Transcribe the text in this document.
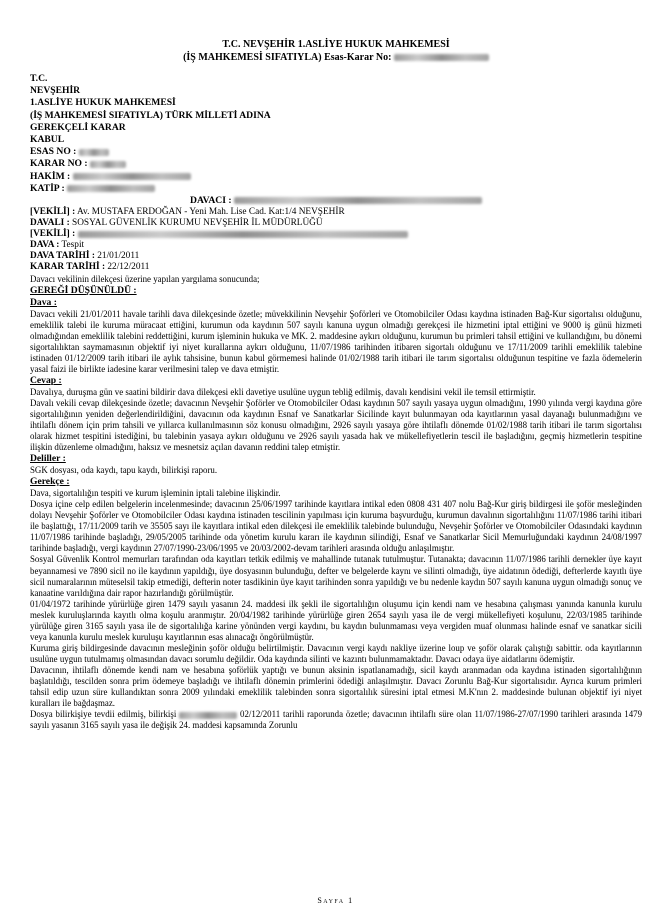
T.C. NEVŞEHİR 1.ASLİYE HUKUK MAHKEMESİ
(İŞ MAHKEMESİ SIFATIYLA) Esas-Karar No:
T.C.
NEVŞEHİR
1.ASLİYE HUKUK MAHKEMESİ
(İŞ MAHKEMESİ SIFATIYLA) TÜRK MİLLETİ ADINA
GEREKÇELİ KARAR
KABUL
ESAS NO :
KARAR NO :
HAKİM :
KATİP :
DAVACI :
[VEKİLİ] : Av. MUSTAFA ERDOĞAN - Yeni Mah. Lise Cad. Kat:1/4 NEVŞEHİR
DAVALI : SOSYAL GÜVENLİK KURUMU NEVŞEHİR İL MÜDÜRLÜĞÜ
[VEKİLİ] :
DAVA : Tespit
DAVA TARİHİ : 21/01/2011
KARAR TARİHİ : 22/12/2011
Davacı vekilinin dilekçesi üzerine yapılan yargılama sonucunda;
GEREĞİ DÜŞÜNÜLDÜ :
Dava :
Davacı vekili 21/01/2011 havale tarihli dava dilekçesinde özetle; müvekkilinin Nevşehir Şoförleri ve Otomobilciler Odası kaydına istinaden Bağ-Kur sigortalısı olduğunu, emeklilik talebi ile kuruma müracaat ettiğini, kurumun oda kaydının 507 sayılı kanuna uygun olmadığı gerekçesi ile hizmetini iptal ettiğini ve 9000 iş günü hizmeti olmadığından emeklilik talebini reddettiğini, kurum işleminin hukuka ve MK. 2. maddesine aykırı olduğunu, kurumun bu primleri tahsil ettiğini ve kullandığını, bu dönemi sigortalılıktan saymamasının objektif iyi niyet kurallarına aykırı olduğunu, 11/07/1986 tarihinden itibaren sigortalı olduğunu ve 17/11/2009 tarihli emeklilik talebine istinaden 01/12/2009 tarih itibari ile aylık tahsisine, bunun kabul görmemesi halinde 01/02/1988 tarih itibari ile tarım sigortalısı olduğunun tespitine ve fazla ödemelerin yasal faizi ile birlikte iadesine karar verilmesini talep ve dava etmiştir.
Cevap :
Davalıya, duruşma gün ve saatini bildirir dava dilekçesi ekli davetiye usulüne uygun tebliğ edilmiş, davalı kendisini vekil ile temsil ettirmiştir.
Davalı vekili cevap dilekçesinde özetle; davacının Nevşehir Şoförler ve Otomobilciler Odası kaydının 507 sayılı yasaya uygun olmadığını, 1990 yılında vergi kaydına göre sigortalılığının yeniden değerlendirildiğini, davacının oda kaydının Esnaf ve Sanatkarlar Sicilinde kayıt bulunmayan oda kayıtlarının yasal dayanağı bulunmadığını ve ihtilaflı dönem için prim tahsili ve yıllarca kullanılmasının söz konusu olmadığını, 2926 sayılı yasaya göre ihtilaflı dönemde 01/02/1988 tarih itibari ile tarım sigortalısı olarak hizmet tespitini istediğini, bu talebinin yasaya aykırı olduğunu ve 2926 sayılı yasada hak ve mükellefiyetlerin tescil ile başladığını, geçmiş hizmetlerin tespitine ilişkin düzenleme olmadığını, haksız ve mesnetsiz açılan davanın reddini talep etmiştir.
Deliller :
SGK dosyası, oda kaydı, tapu kaydı, bilirkişi raporu.
Gerekçe :
Dava, sigortalılığın tespiti ve kurum işleminin iptali talebine ilişkindir.
Dosya içine celp edilen belgelerin incelenmesinde; davacının 25/06/1997 tarihinde kayıtlara intikal eden 0808 431 407 nolu Bağ-Kur giriş bildirgesi ile şoför mesleğinden dolayı Nevşehir Şoförler ve Otomobilciler Odası kaydına istinaden tescilinin yapılması için kuruma başvurduğu, kurumun davalının sigortalılığını 11/07/1986 tarihi itibari ile başlattığı, 17/11/2009 tarih ve 35505 sayı ile kayıtlara intikal eden dilekçesi ile emeklilik talebinde bulunduğu, Nevşehir Şoförler ve Otomobilciler Odasındaki kaydının 11/07/1986 tarihinde başladığı, 29/05/2005 tarihinde oda yönetim kurulu kararı ile kaydının silindiği, Esnaf ve Sanatkarlar Sicil Memurluğundaki kaydının 24/08/1997 tarihinde başladığı, vergi kaydının 27/07/1990-23/06/1995 ve 20/03/2002-devam tarihleri arasında olduğu anlaşılmıştır.
Sosyal Güvenlik Kontrol memurları tarafından oda kayıtları tetkik edilmiş ve mahallinde tutanak tutulmuştur. Tutanakta; davacının 11/07/1986 tarihli dernekler üye kayıt beyannamesi ve 7890 sicil no ile kaydının yapıldığı, üye dosyasının bulunduğu, defter ve belgelerde kaynı ve silinti olmadığı, üye aidatının ödediği, defterlerde kayıtlı üye sicil numaralarının müteselsil takip etmediği, defterin noter tasdikinin üye kayıt tarihinden sonra yapıldığı ve bu nedenle kaydın 507 sayılı kanuna uygun olmadığı sonuç ve kanaatine varıldığına dair rapor hazırlandığı görülmüştür.
01/04/1972 tarihinde yürürlüğe giren 1479 sayılı yasanın 24. maddesi ilk şekli ile sigortalılığın oluşumu için kendi nam ve hesabına çalışması yanında kanunla kurulu meslek kuruluşlarında kayıtlı olma koşulu aranmıştır. 20/04/1982 tarihinde yürürlüğe giren 2654 sayılı yasa ile de vergi mükellefiyeti koşulunu, 22/03/1985 tarihinde yürülüğe giren 3165 sayılı yasa ile de sigortalılığa karine yönünden vergi kaydını, bu kaydın bulunmaması veya vergiden muaf olunması halinde esnaf ve sanatkar sicili veya kanunla kurulu meslek kuruluşu kayıtlarının esas alınacağı öngörülmüştür.
Kuruma giriş bildirgesinde davacının mesleğinin şoför olduğu belirtilmiştir. Davacının vergi kaydı nakliye üzerine loup ve şoför olarak çalıştığı sabittir. oda kayıtlarının usulüne uygun tutulmamış olmasından davacı sorumlu değildir. Oda kaydında silinti ve kazıntı bulunmamaktadır. Davacı odaya üye aidatlarını ödemiştir.
Davacının, ihtilaflı dönemde kendi nam ve hesabına şoförlük yaptığı ve bunun aksinin ispatlanamadığı, sicil kaydı aranmadan oda kaydına istinaden sigortalılığının başlatıldığı, tescilden sonra prim ödemeye başladığı ve ihtilaflı dönemin primlerini ödediği anlaşılmıştır. Davacı Zorunlu Bağ-Kur sigortalısıdır. Ayrıca kurum primleri tahsil edip uzun süre kullandıktan sonra 2009 yılındaki emeklilik talebinden sonra sigortalılık süresini iptal etmesi M.K'nın 2. maddesinde bulunan objektif iyi niyet kuralları ile bağdaşmaz.
Dosya bilirkişiye tevdii edilmiş, bilirkişi	02/12/2011 tarihli raporunda özetle; davacının ihtilaflı süre olan 11/07/1986-27/07/1990 tarihleri arasında 1479 sayılı yasanın 3165 sayılı yasa ile değişik 24. maddesi kapsamında Zorunlu
Sayfa 1
